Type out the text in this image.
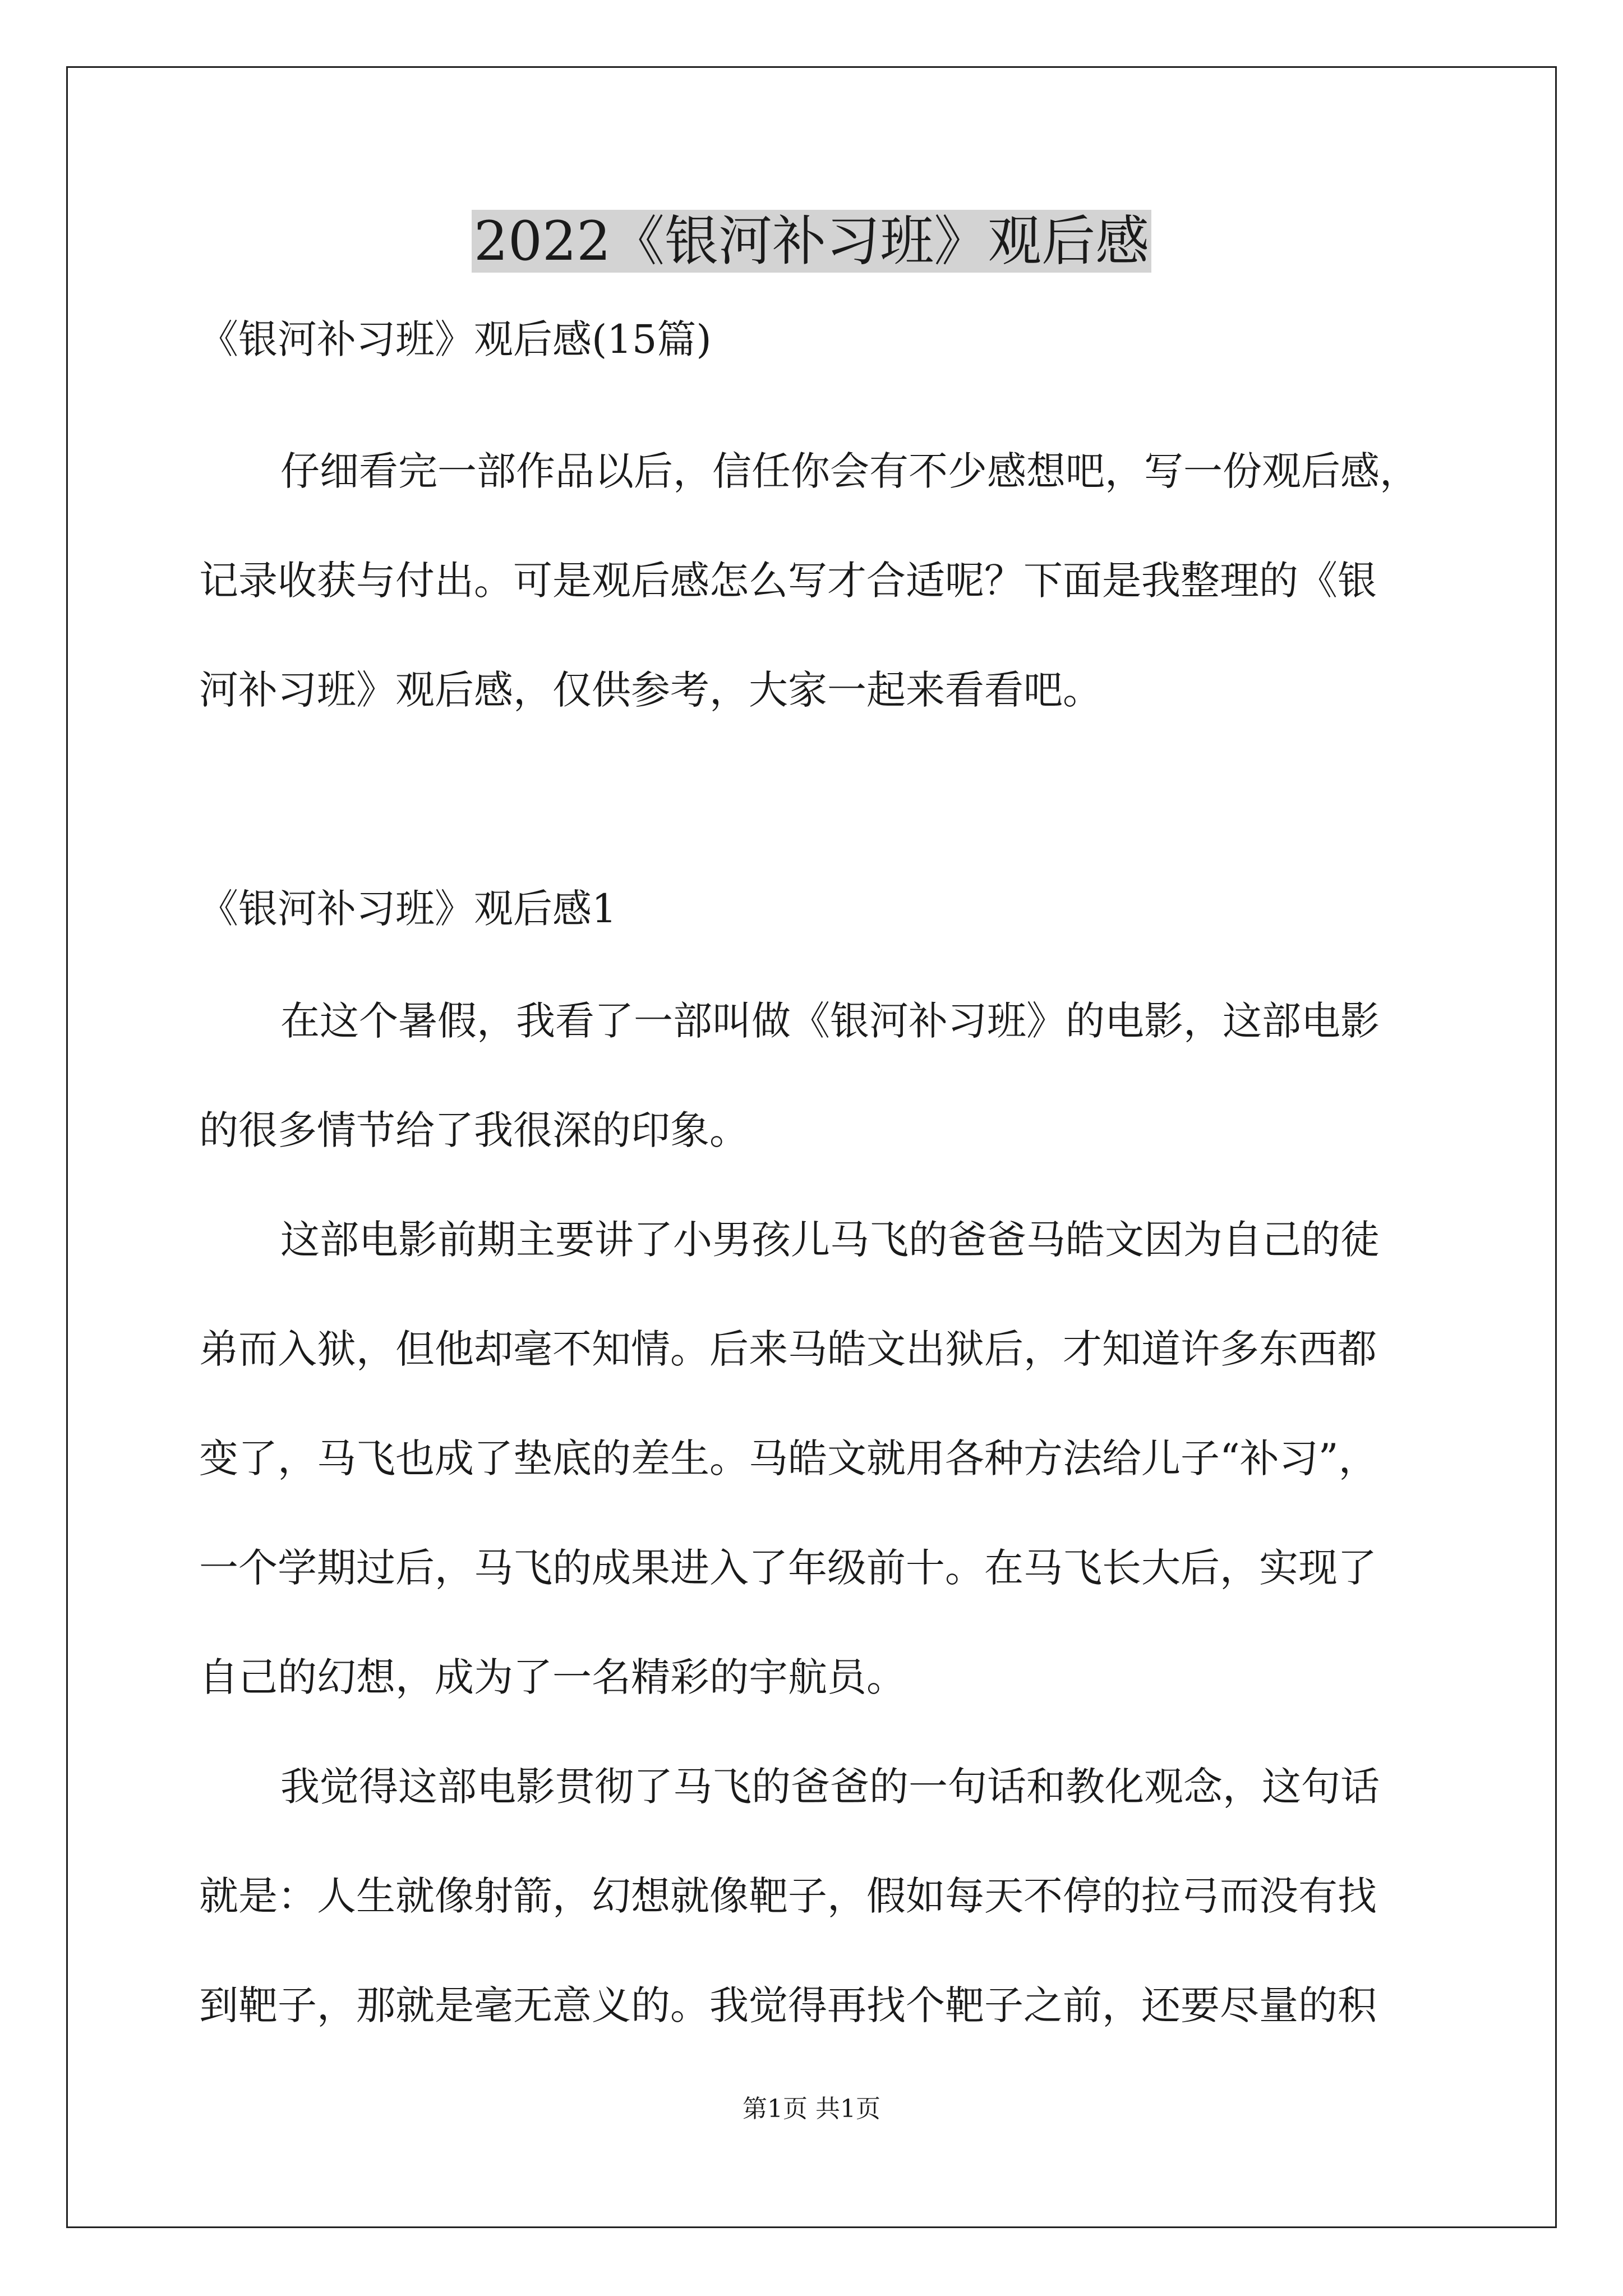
2022《银河补习班》观后感

《银河补习班》观后感(15篇)

仔细看完一部作品以后，信任你会有不少感想吧，写一份观后感，

记录收获与付出。可是观后感怎么写才合适呢？下面是我整理的《银

河补习班》观后感，仅供参考，大家一起来看看吧。

《银河补习班》观后感1

在这个暑假，我看了一部叫做《银河补习班》的电影，这部电影

的很多情节给了我很深的印象。

这部电影前期主要讲了小男孩儿马飞的爸爸马皓文因为自己的徒

弟而入狱，但他却毫不知情。后来马皓文出狱后，才知道许多东西都

变了，马飞也成了垫底的差生。马皓文就用各种方法给儿子“补习”，

一个学期过后，马飞的成果进入了年级前十。在马飞长大后，实现了

自己的幻想，成为了一名精彩的宇航员。

我觉得这部电影贯彻了马飞的爸爸的一句话和教化观念，这句话

就是：人生就像射箭，幻想就像靶子，假如每天不停的拉弓而没有找

到靶子，那就是毫无意义的。我觉得再找个靶子之前，还要尽量的积

第1页 共1页
